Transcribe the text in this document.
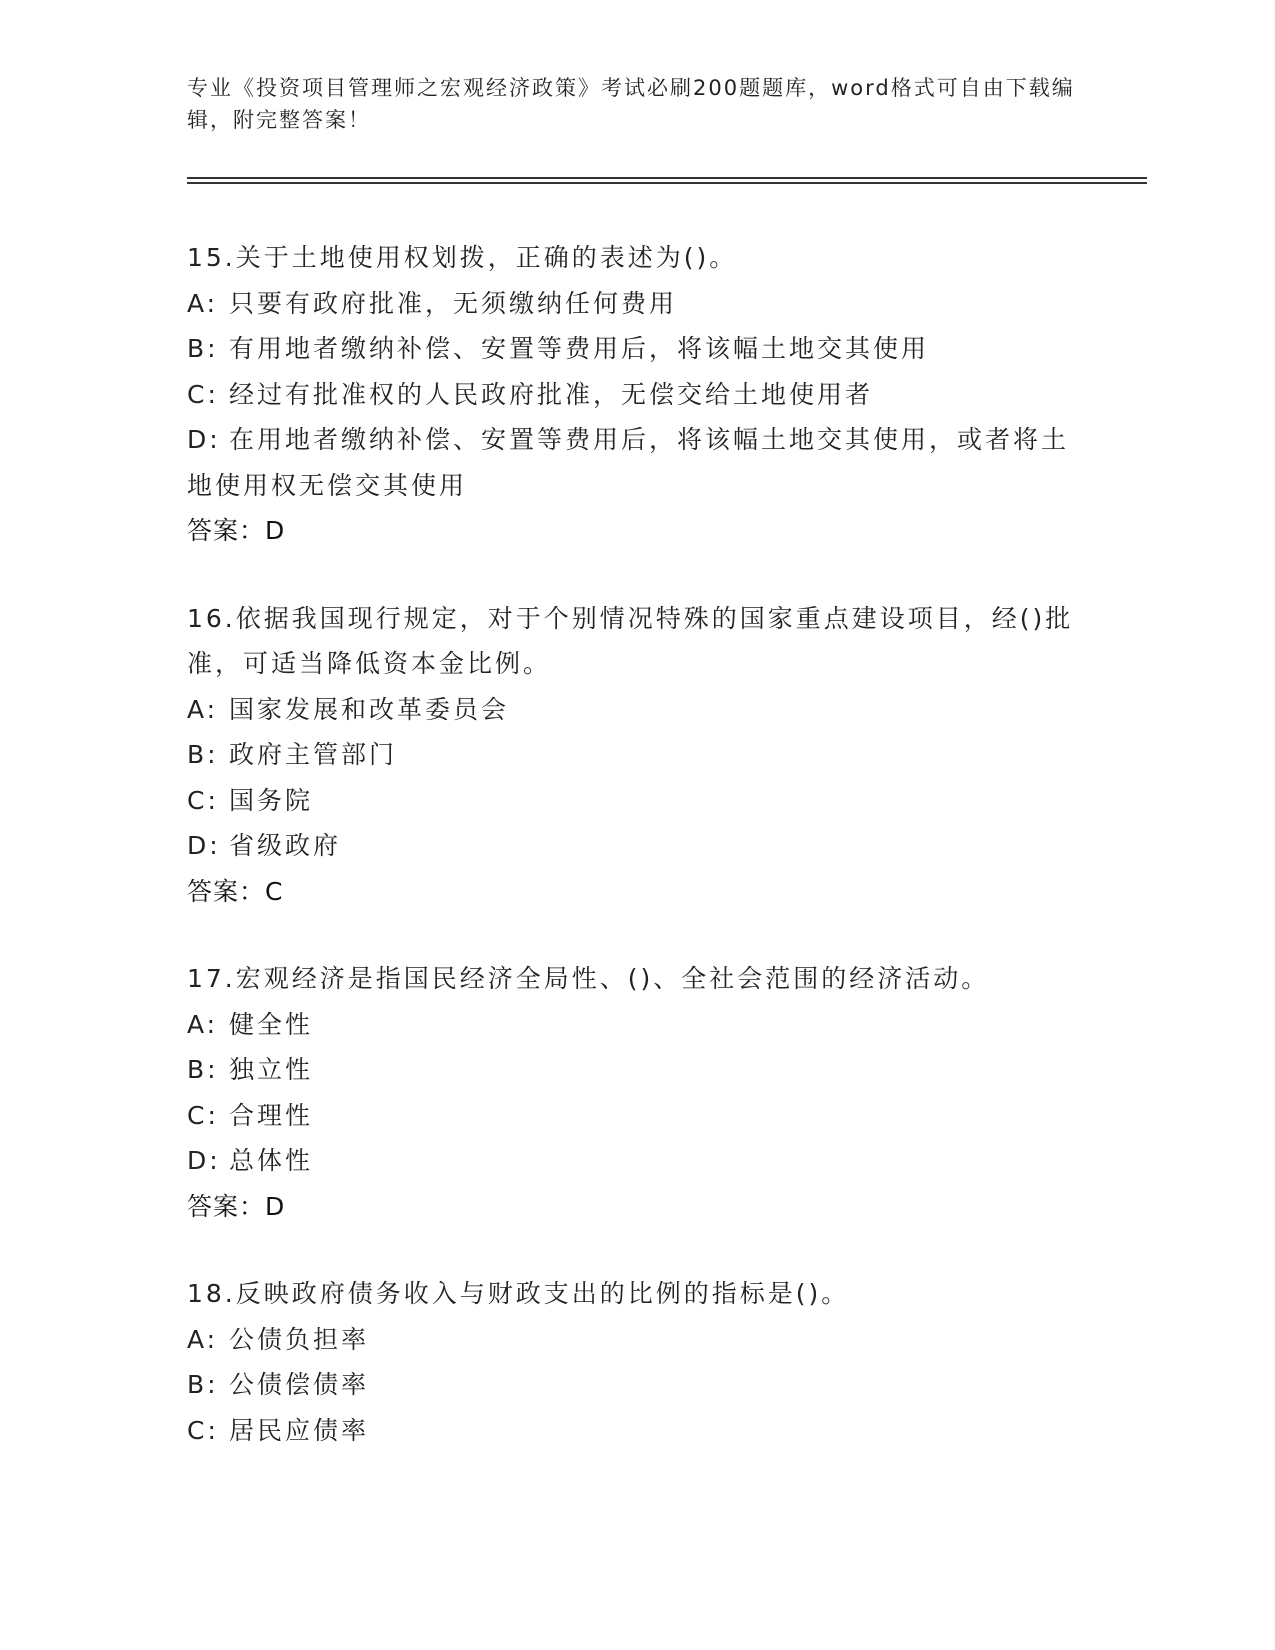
专业《投资项目管理师之宏观经济政策》考试必刷200题题库，word格式可自由下载编辑，附完整答案！
15.关于土地使用权划拨，正确的表述为()。
A: 只要有政府批准，无须缴纳任何费用
B: 有用地者缴纳补偿、安置等费用后，将该幅土地交其使用
C: 经过有批准权的人民政府批准，无偿交给土地使用者
D: 在用地者缴纳补偿、安置等费用后，将该幅土地交其使用，或者将土地使用权无偿交其使用
答案：D
16.依据我国现行规定，对于个别情况特殊的国家重点建设项目，经()批准，可适当降低资本金比例。
A: 国家发展和改革委员会
B: 政府主管部门
C: 国务院
D: 省级政府
答案：C
17.宏观经济是指国民经济全局性、()、全社会范围的经济活动。
A: 健全性
B: 独立性
C: 合理性
D: 总体性
答案：D
18.反映政府债务收入与财政支出的比例的指标是()。
A: 公债负担率
B: 公债偿债率
C: 居民应债率
